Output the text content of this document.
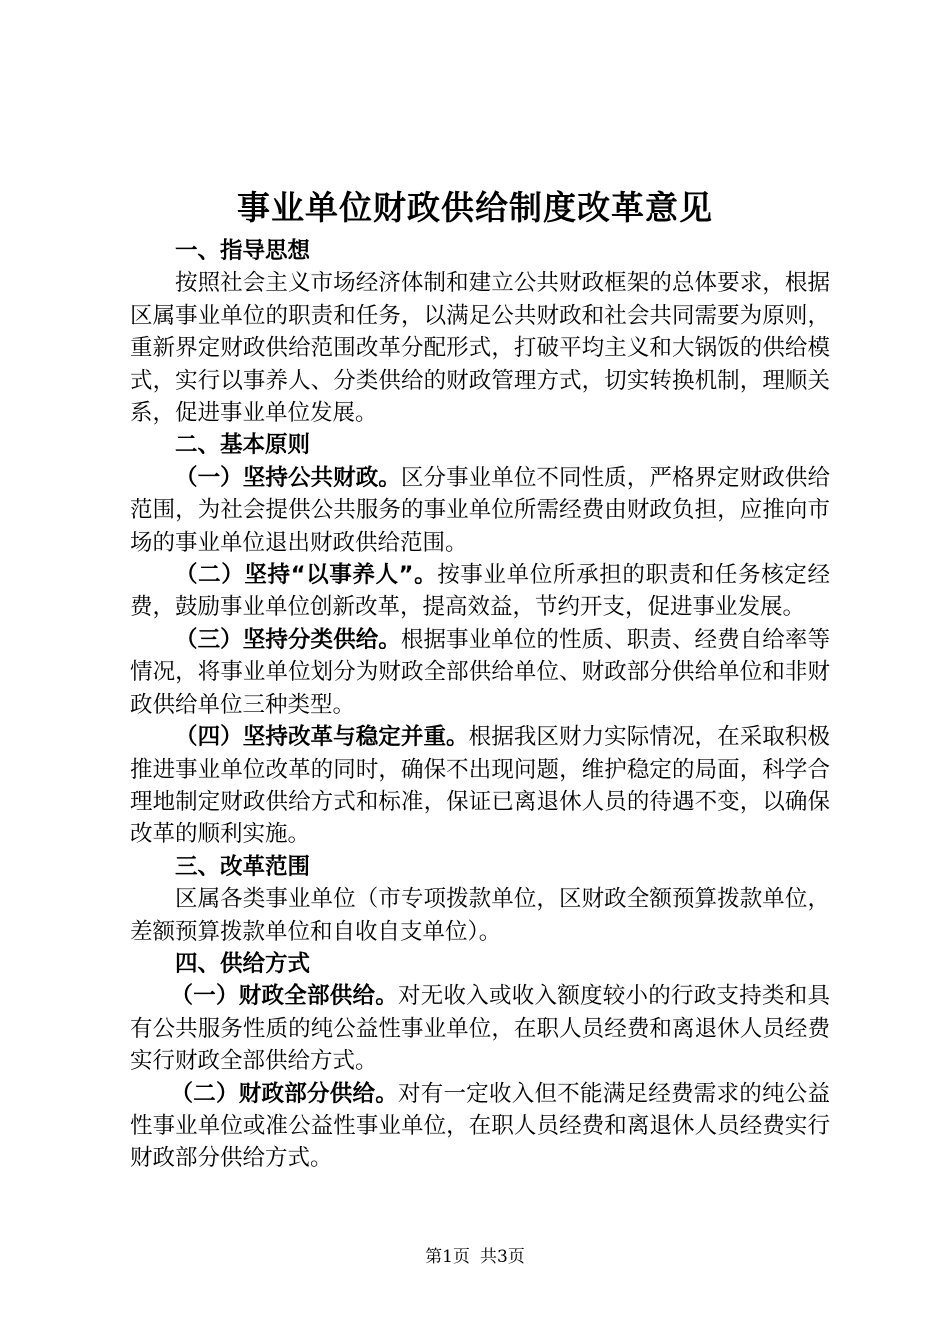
事业单位财政供给制度改革意见

一、指导思想

按照社会主义市场经济体制和建立公共财政框架的总体要求，根据区属事业单位的职责和任务，以满足公共财政和社会共同需要为原则，重新界定财政供给范围改革分配形式，打破平均主义和大锅饭的供给模式，实行以事养人、分类供给的财政管理方式，切实转换机制，理顺关系，促进事业单位发展。

二、基本原则

（一）坚持公共财政。区分事业单位不同性质，严格界定财政供给范围，为社会提供公共服务的事业单位所需经费由财政负担，应推向市场的事业单位退出财政供给范围。

（二）坚持“以事养人”。按事业单位所承担的职责和任务核定经费，鼓励事业单位创新改革，提高效益，节约开支，促进事业发展。

（三）坚持分类供给。根据事业单位的性质、职责、经费自给率等情况，将事业单位划分为财政全部供给单位、财政部分供给单位和非财政供给单位三种类型。

（四）坚持改革与稳定并重。根据我区财力实际情况，在采取积极推进事业单位改革的同时，确保不出现问题，维护稳定的局面，科学合理地制定财政供给方式和标准，保证已离退休人员的待遇不变，以确保改革的顺利实施。

三、改革范围

区属各类事业单位（市专项拨款单位，区财政全额预算拨款单位，差额预算拨款单位和自收自支单位）。

四、供给方式

（一）财政全部供给。对无收入或收入额度较小的行政支持类和具有公共服务性质的纯公益性事业单位，在职人员经费和离退休人员经费实行财政全部供给方式。

（二）财政部分供给。对有一定收入但不能满足经费需求的纯公益性事业单位或准公益性事业单位，在职人员经费和离退休人员经费实行财政部分供给方式。

第1页 共3页
